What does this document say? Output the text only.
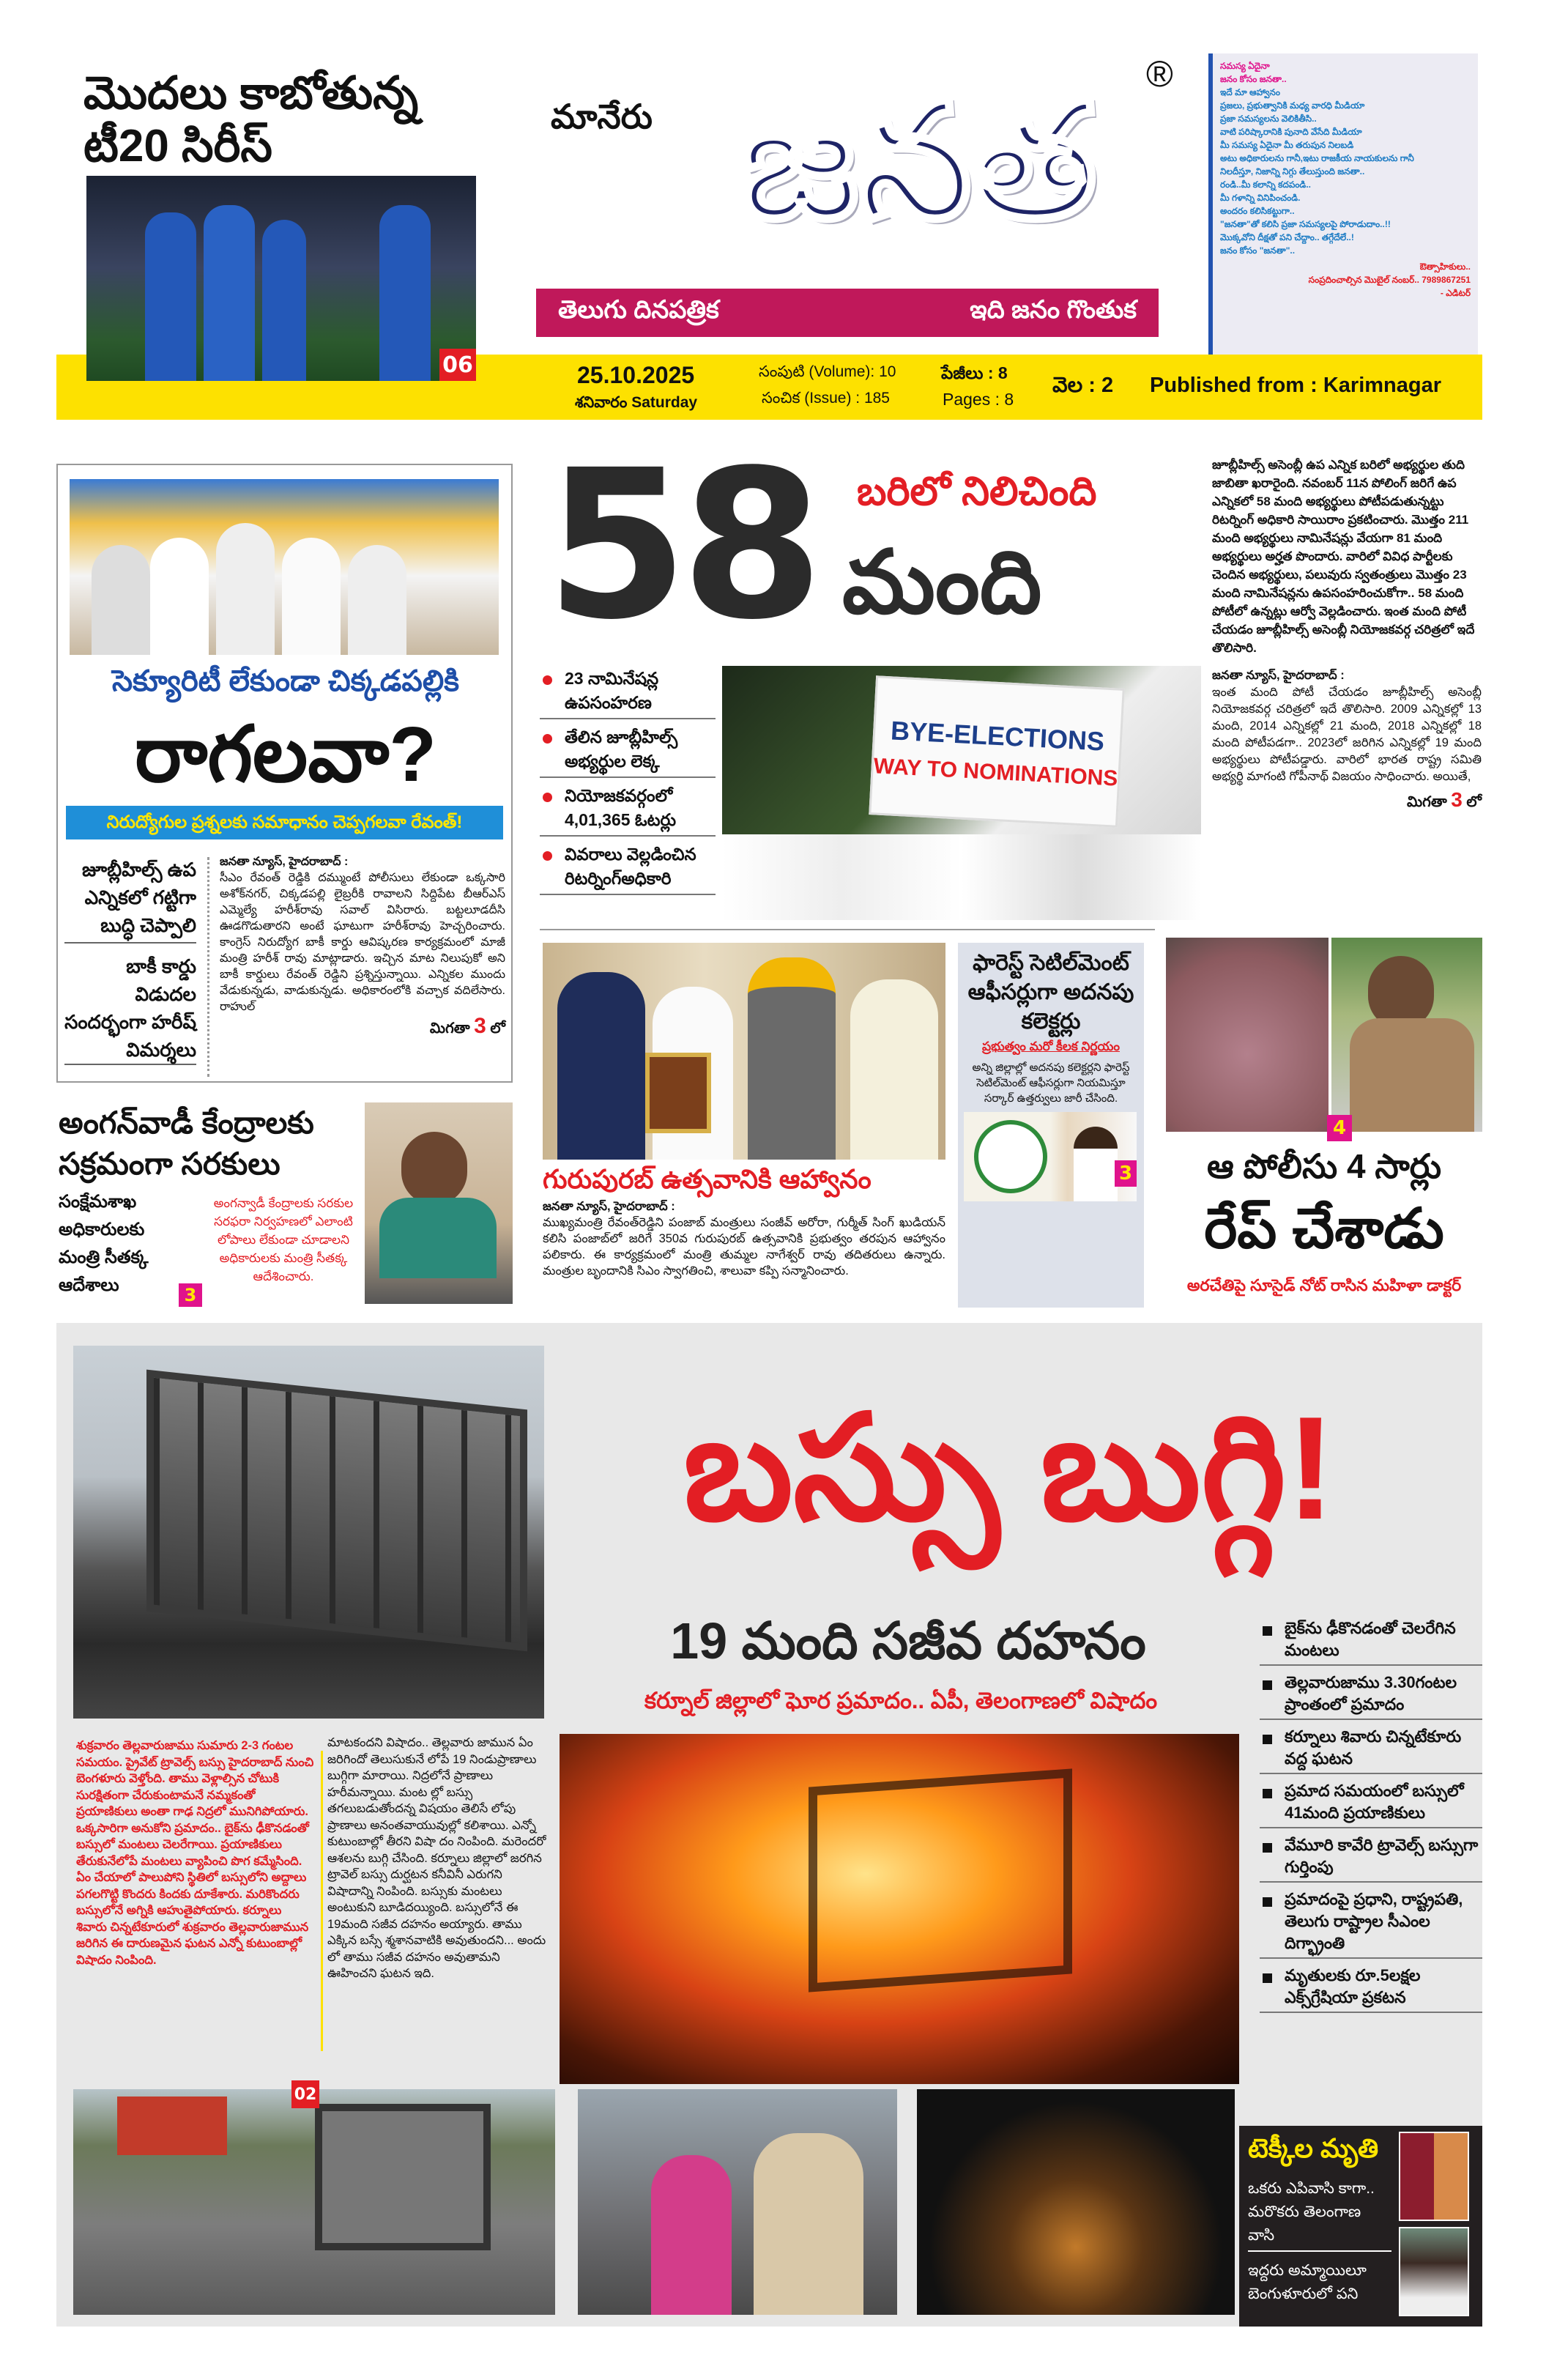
మొదలు కాబోతున్న
టీ20 సిరీస్
06
మానేరు జనత	®
తెలుగు దినపత్రిక	ఇది జనం గొంతుక
సమస్య ఏదైనా
జనం కోసం జనతా..
ఇదే మా ఆహ్వానం
ప్రజలు, ప్రభుత్వానికి మధ్య వారధి మీడియా
ప్రజా సమస్యలను వెలికితీసి..
వాటి పరిష్కారానికి పునాది వేసేది మీడియా
మీ సమస్య ఏదైనా మీ తరుపున నిలబడి
అటు అధికారులను గానీ,ఇటు రాజకీయ నాయకులను గానీ
నిలదీస్తూ, నిజాన్ని నిగ్గు తేలుస్తుంది జనతా..
రండి..మీ కలాన్ని కదపండి..
మీ గళాన్ని వినిపించండి.
అందరం కలిసికట్టుగా..
"జనతా"తో కలిసి ప్రజా సమస్యలపై పోరాడుదాం..!!
మొక్కవోని దీక్షతో పని చేద్దాం.. తగ్గేదేలే..!
జనం కోసం "జనతా"..
ఔత్సాహికులు..
సంప్రదించాల్సిన మొబైల్ నంబర్.. 7989867251
- ఎడిటర్
25.10.2025
శనివారం Saturday
సంపుటి (Volume): 10
సంచిక (Issue) : 185
పేజీలు : 8
Pages : 8
వెల : 2 Published from : Karimnagar
సెక్యూరిటీ లేకుండా చిక్కడపల్లికి
రాగలవా?
నిరుద్యోగుల ప్రశ్నలకు సమాధానం చెప్పగలవా రేవంత్!
జూబ్లీహిల్స్ ఉప ఎన్నికలో గట్టిగా బుద్ధి చెప్పాలి
బాకీ కార్డు విడుదల సందర్భంగా హరీష్ విమర్శలు
జనతా న్యూస్, హైదరాబాద్ :
సీఎం రేవంత్ రెడ్డికి దమ్ముంటే పోలీసులు లేకుండా ఒక్కసారి అశోక్‌నగర్, చిక్కడపల్లి లైబ్రరీకి రావాలని సిద్దిపేట బీఆర్ఎస్ ఎమ్మెల్యే హరీశ్‌రావు సవాల్ విసిరారు. బట్టలూడదీసి ఊడగొడుతారని అంటే ఘాటుగా హరీశ్‌రావు హెచ్చరించారు. కాంగ్రెస్ నిరుద్యోగ బాకీ కార్డు ఆవిష్కరణ కార్యక్రమంలో మాజీ మంత్రి హరీశ్ రావు మాట్లాడారు. ఇచ్చిన మాట నిలుపుకో అని బాకీ కార్డులు రేవంత్ రెడ్డిని ప్రశ్నిస్తున్నాయి. ఎన్నికల ముందు వేడుకున్నడు, వాడుకున్నడు. అధికారంలోకి వచ్చాక వదిలేసారు. రాహుల్
మిగతా 3 లో
58 బరిలో నిలిచింది
మంది
23 నామినేషన్ల ఉపసంహరణ
తేలిన జూబ్లీహిల్స్ అభ్యర్థుల లెక్క
నియోజకవర్గంలో 4,01,365 ఓటర్లు
వివరాలు వెల్లడించిన రిటర్నింగ్‌అధికారి
BYE-ELECTIONS
WAY TO NOMINATIONS
జూబ్లీహిల్స్ అసెంబ్లీ ఉప ఎన్నిక బరిలో అభ్యర్థుల తుది జాబితా ఖరారైంది. నవంబర్ 11న పోలింగ్ జరిగే ఉప ఎన్నికలో 58 మంది అభ్యర్థులు పోటీపడుతున్నట్టు రిటర్నింగ్ అధికారి సాయిరాం ప్రకటించారు. మొత్తం 211 మంది అభ్యర్థులు నామినేషన్లు వేయగా 81 మంది అభ్యర్థులు అర్హత పొందారు. వారిలో వివిధ పార్టీలకు చెందిన అభ్యర్థులు, పలువురు స్వతంత్రులు మొత్తం 23 మంది నామినేషన్లను ఉపసంహరించుకోగా.. 58 మంది పోటీలో ఉన్నట్లు ఆర్వో వెల్లడించారు. ఇంత మంది పోటీ చేయడం జూబ్లీహిల్స్ అసెంబ్లీ నియోజకవర్గ చరిత్రలో ఇదే తొలిసారి.
జనతా న్యూస్, హైదరాబాద్ :
ఇంత మంది పోటీ చేయడం జూబ్లీహిల్స్ అసెంబ్లీ నియోజకవర్గ చరిత్రలో ఇదే తొలిసారి. 2009 ఎన్నికల్లో 13 మంది, 2014 ఎన్నికల్లో 21 మంది, 2018 ఎన్నికల్లో 18 మంది పోటీపడగా.. 2023లో జరిగిన ఎన్నికల్లో 19 మంది అభ్యర్థులు పోటీపడ్డారు. వారిలో భారత రాష్ట్ర సమితి అభ్యర్థి మాగంటి గోపీనాథ్ విజయం సాధించారు. అయితే,
మిగతా 3 లో
గురుపురబ్ ఉత్సవానికి ఆహ్వానం
జనతా న్యూస్, హైదరాబాద్ :
ముఖ్యమంత్రి రేవంత్‌రెడ్డిని పంజాబ్ మంత్రులు సంజీవ్ అరోరా, గుర్మీత్ సింగ్ ఖుడియన్ కలిసి పంజాబ్‌లో జరిగే 350వ గురుపురబ్ ఉత్సవానికి ప్రభుత్వం తరపున ఆహ్వానం పలికారు. ఈ కార్యక్రమంలో మంత్రి తుమ్మల నాగేశ్వర్ రావు తదితరులు ఉన్నారు. మంత్రుల బృందానికి సిఎం స్వాగతించి, శాలువా కప్పి సన్మానించారు.
ఫారెస్ట్ సెటిల్‌మెంట్ ఆఫీసర్లుగా అదనపు కలెక్టర్లు
ప్రభుత్వం మరో కీలక నిర్ణయం
అన్ని జిల్లాల్లో అదనపు కలెక్టర్లని ఫారెస్ట్ సెటిల్‌మెంట్ ఆఫీసర్లుగా నియమిస్తూ సర్కార్ ఉత్తర్వులు జారీ చేసింది.
3
4
ఆ పోలీసు 4 సార్లు
రేప్ చేశాడు
అరచేతిపై సూసైడ్ నోట్ రాసిన మహిళా డాక్టర్
అంగన్‌వాడీ కేంద్రాలకు సక్రమంగా సరకులు
సంక్షేమశాఖ అధికారులకు మంత్రి సీతక్క ఆదేశాలు	3
అంగన్వాడీ కేంద్రాలకు సరకుల సరఫరా నిర్వహణలో ఎలాంటి లోపాలు లేకుండా చూడాలని అధికారులకు మంత్రి సీతక్క ఆదేశించారు.
బస్సు బుగ్గి!
19 మంది సజీవ దహనం
కర్నూల్ జిల్లాలో ఘోర ప్రమాదం.. ఏపీ, తెలంగాణలో విషాదం
బైక్‌ను ఢీకొనడంతో చెలరేగిన మంటలు
తెల్లవారుజాము 3.30గంటల ప్రాంతంలో ప్రమాదం
కర్నూలు శివారు చిన్నటేకూరు వద్ద ఘటన
ప్రమాద సమయంలో బస్సులో 41మంది ప్రయాణికులు
వేమూరి కావేరి ట్రావెల్స్ బస్సుగా గుర్తింపు
ప్రమాదంపై ప్రధాని, రాష్ట్రపతి, తెలుగు రాష్ట్రాల సీఎంల దిగ్భ్రాంతి
మృతులకు రూ.5లక్షల ఎక్స్‌గ్రేషియా ప్రకటన
శుక్రవారం తెల్లవారుజాము సుమారు 2-3 గంటల సమయం. ప్రైవేట్ ట్రావెల్స్ బస్సు హైదరాబాద్ నుంచి బెంగళూరు వెళ్తోంది. తాము వెళ్లాల్సిన చోటుకి సురక్షితంగా చేరుకుంటామనే నమ్మకంతో ప్రయాణికులు అంతా గాఢ నిద్రలో మునిగిపోయారు. ఒక్కసారిగా అనుకోని ప్రమాదం.. బైక్‌ను ఢీకొనడంతో బస్సులో మంటలు చెలరేగాయి. ప్రయాణికులు తేరుకునేలోపే మంటలు వ్యాపించి పొగ కమ్మేసింది. ఏం చేయాలో పాలుపోని స్థితిలో బస్సులోని అద్దాలు పగలగొట్టి కొందరు కిందకు దూకేశారు. మరికొందరు బస్సులోనే అగ్నికి ఆహుతైపోయారు. కర్నూలు శివారు చిన్నటేకూరులో శుక్రవారం తెల్లవారుజామున జరిగిన ఈ దారుణమైన ఘటన ఎన్నో కుటుంబాల్లో విషాదం నింపింది.
02
మాటకందని విషాదం.. తెల్లవారు జామున ఏం జరిగిందో తెలుసుకునే లోపే 19 నిండుప్రాణాలు బుగ్గిగా మారాయి. నిద్రలోనే ప్రాణాలు హరీమన్నాయి. మంట ల్లో బస్సు తగలుబడుతోందన్న విషయం తెలిసే లోపు ప్రాణాలు అనంతవాయువుల్లో కలిశాయి. ఎన్నో కుటుంబాల్లో తీరని విషా దం నింపింది. మరెందరో ఆశలను బుగ్గి చేసింది. కర్నూలు జిల్లాలో జరగిన ట్రావెల్ బస్సు దుర్ఘటన కనీవినీ ఎరుగని విషాదాన్ని నింపింది. బస్సుకు మంటలు అంటుకుని బూడిదయ్యింది. బస్సులోనే ఈ 19మంది సజీవ దహనం అయ్యారు. తాము ఎక్కిన బస్సే శ్మశానవాటికి అవుతుందని... అందు లో తాము సజీవ దహనం అవుతామని ఊహించని ఘటన ఇది.
టెక్కీల మృతి
ఒకరు ఎపివాసి కాగా.. మరొకరు తెలంగాణ వాసి
ఇద్దరు అమ్మాయిలూ బెంగుళూరులో పని
